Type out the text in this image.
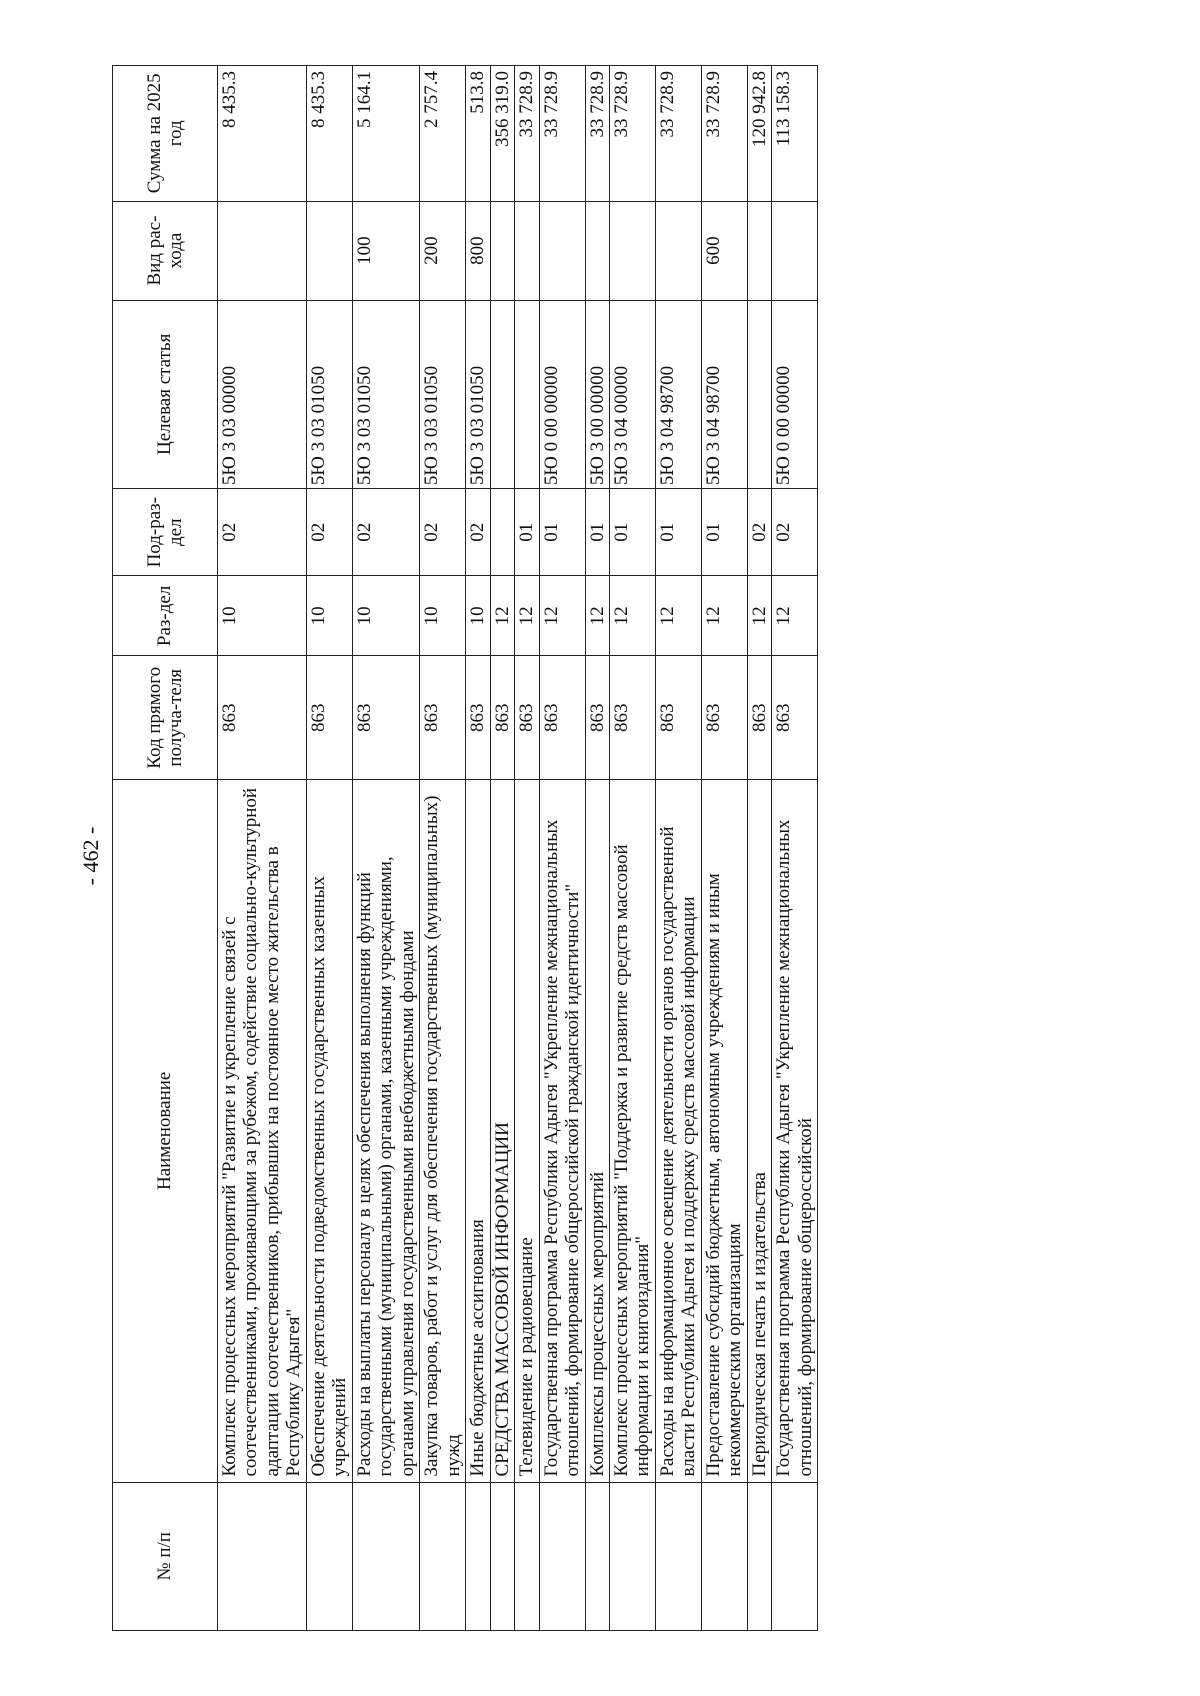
- 462 -
№ п/п	Наименование	Код прямого получа-теля	Раз-дел	Под-раз-дел	Целевая статья	Вид рас-хода	Сумма на 2025 год
	Комплекс процессных мероприятий "Развитие и укрепление связей с соотечественниками, проживающими за рубежом, содействие социально-культурной адаптации соотечественников, прибывших на постоянное место жительства в Республику Адыгея"	863	10	02	5Ю 3 03 00000		8 435.3
	Обеспечение деятельности подведомственных государственных казенных учреждений	863	10	02	5Ю 3 03 01050		8 435.3
	Расходы на выплаты персоналу в целях обеспечения выполнения функций государственными (муниципальными) органами, казенными учреждениями, органами управления государственными внебюджетными фондами	863	10	02	5Ю 3 03 01050	100	5 164.1
	Закупка товаров, работ и услуг для обеспечения государственных (муниципальных) нужд	863	10	02	5Ю 3 03 01050	200	2 757.4
	Иные бюджетные ассигнования	863	10	02	5Ю 3 03 01050	800	513.8
	СРЕДСТВА МАССОВОЙ ИНФОРМАЦИИ	863	12				356 319.0
	Телевидение и радиовещание	863	12	01			33 728.9
	Государственная программа Республики Адыгея "Укрепление межнациональных отношений, формирование общероссийской гражданской идентичности"	863	12	01	5Ю 0 00 00000		33 728.9
	Комплексы процессных мероприятий	863	12	01	5Ю 3 00 00000		33 728.9
	Комплекс процессных мероприятий "Поддержка и развитие средств массовой информации и книгоиздания"	863	12	01	5Ю 3 04 00000		33 728.9
	Расходы на информационное освещение деятельности органов государственной власти Республики Адыгея и поддержку средств массовой информации	863	12	01	5Ю 3 04 98700		33 728.9
	Предоставление субсидий бюджетным, автономным учреждениям и иным некоммерческим организациям	863	12	01	5Ю 3 04 98700	600	33 728.9
	Периодическая печать и издательства	863	12	02			120 942.8
	Государственная программа Республики Адыгея "Укрепление межнациональных отношений, формирование общероссийской	863	12	02	5Ю 0 00 00000		113 158.3
